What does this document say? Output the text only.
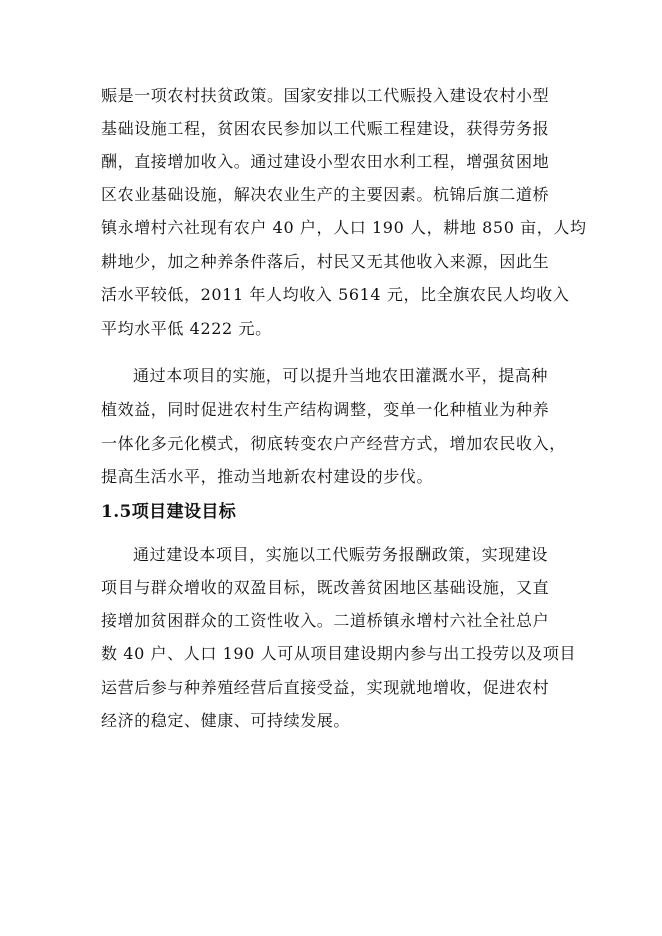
赈是一项农村扶贫政策。国家安排以工代赈投入建设农村小型
基础设施工程，贫困农民参加以工代赈工程建设，获得劳务报
酬，直接增加收入。通过建设小型农田水利工程，增强贫困地
区农业基础设施，解决农业生产的主要因素。杭锦后旗二道桥
镇永增村六社现有农户 40 户，人口 190 人，耕地 850 亩，人均
耕地少，加之种养条件落后，村民又无其他收入来源，因此生
活水平较低，2011 年人均收入 5614 元，比全旗农民人均收入
平均水平低 4222 元。
通过本项目的实施，可以提升当地农田灌溉水平，提高种
植效益，同时促进农村生产结构调整，变单一化种植业为种养
一体化多元化模式，彻底转变农户产经营方式，增加农民收入，
提高生活水平，推动当地新农村建设的步伐。
1.5项目建设目标
通过建设本项目，实施以工代赈劳务报酬政策，实现建设
项目与群众增收的双盈目标，既改善贫困地区基础设施，又直
接增加贫困群众的工资性收入。二道桥镇永增村六社全社总户
数 40 户、人口 190 人可从项目建设期内参与出工投劳以及项目
运营后参与种养殖经营后直接受益，实现就地增收，促进农村
经济的稳定、健康、可持续发展。
